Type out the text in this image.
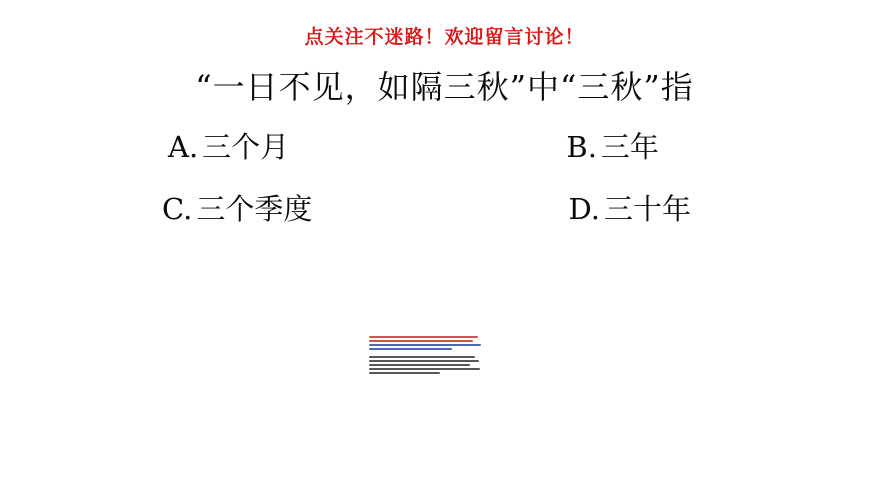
点关注不迷路！欢迎留言讨论！
“一日不见，如隔三秋”中“三秋”指
A. 三个月	B. 三年
C. 三个季度	D. 三十年
